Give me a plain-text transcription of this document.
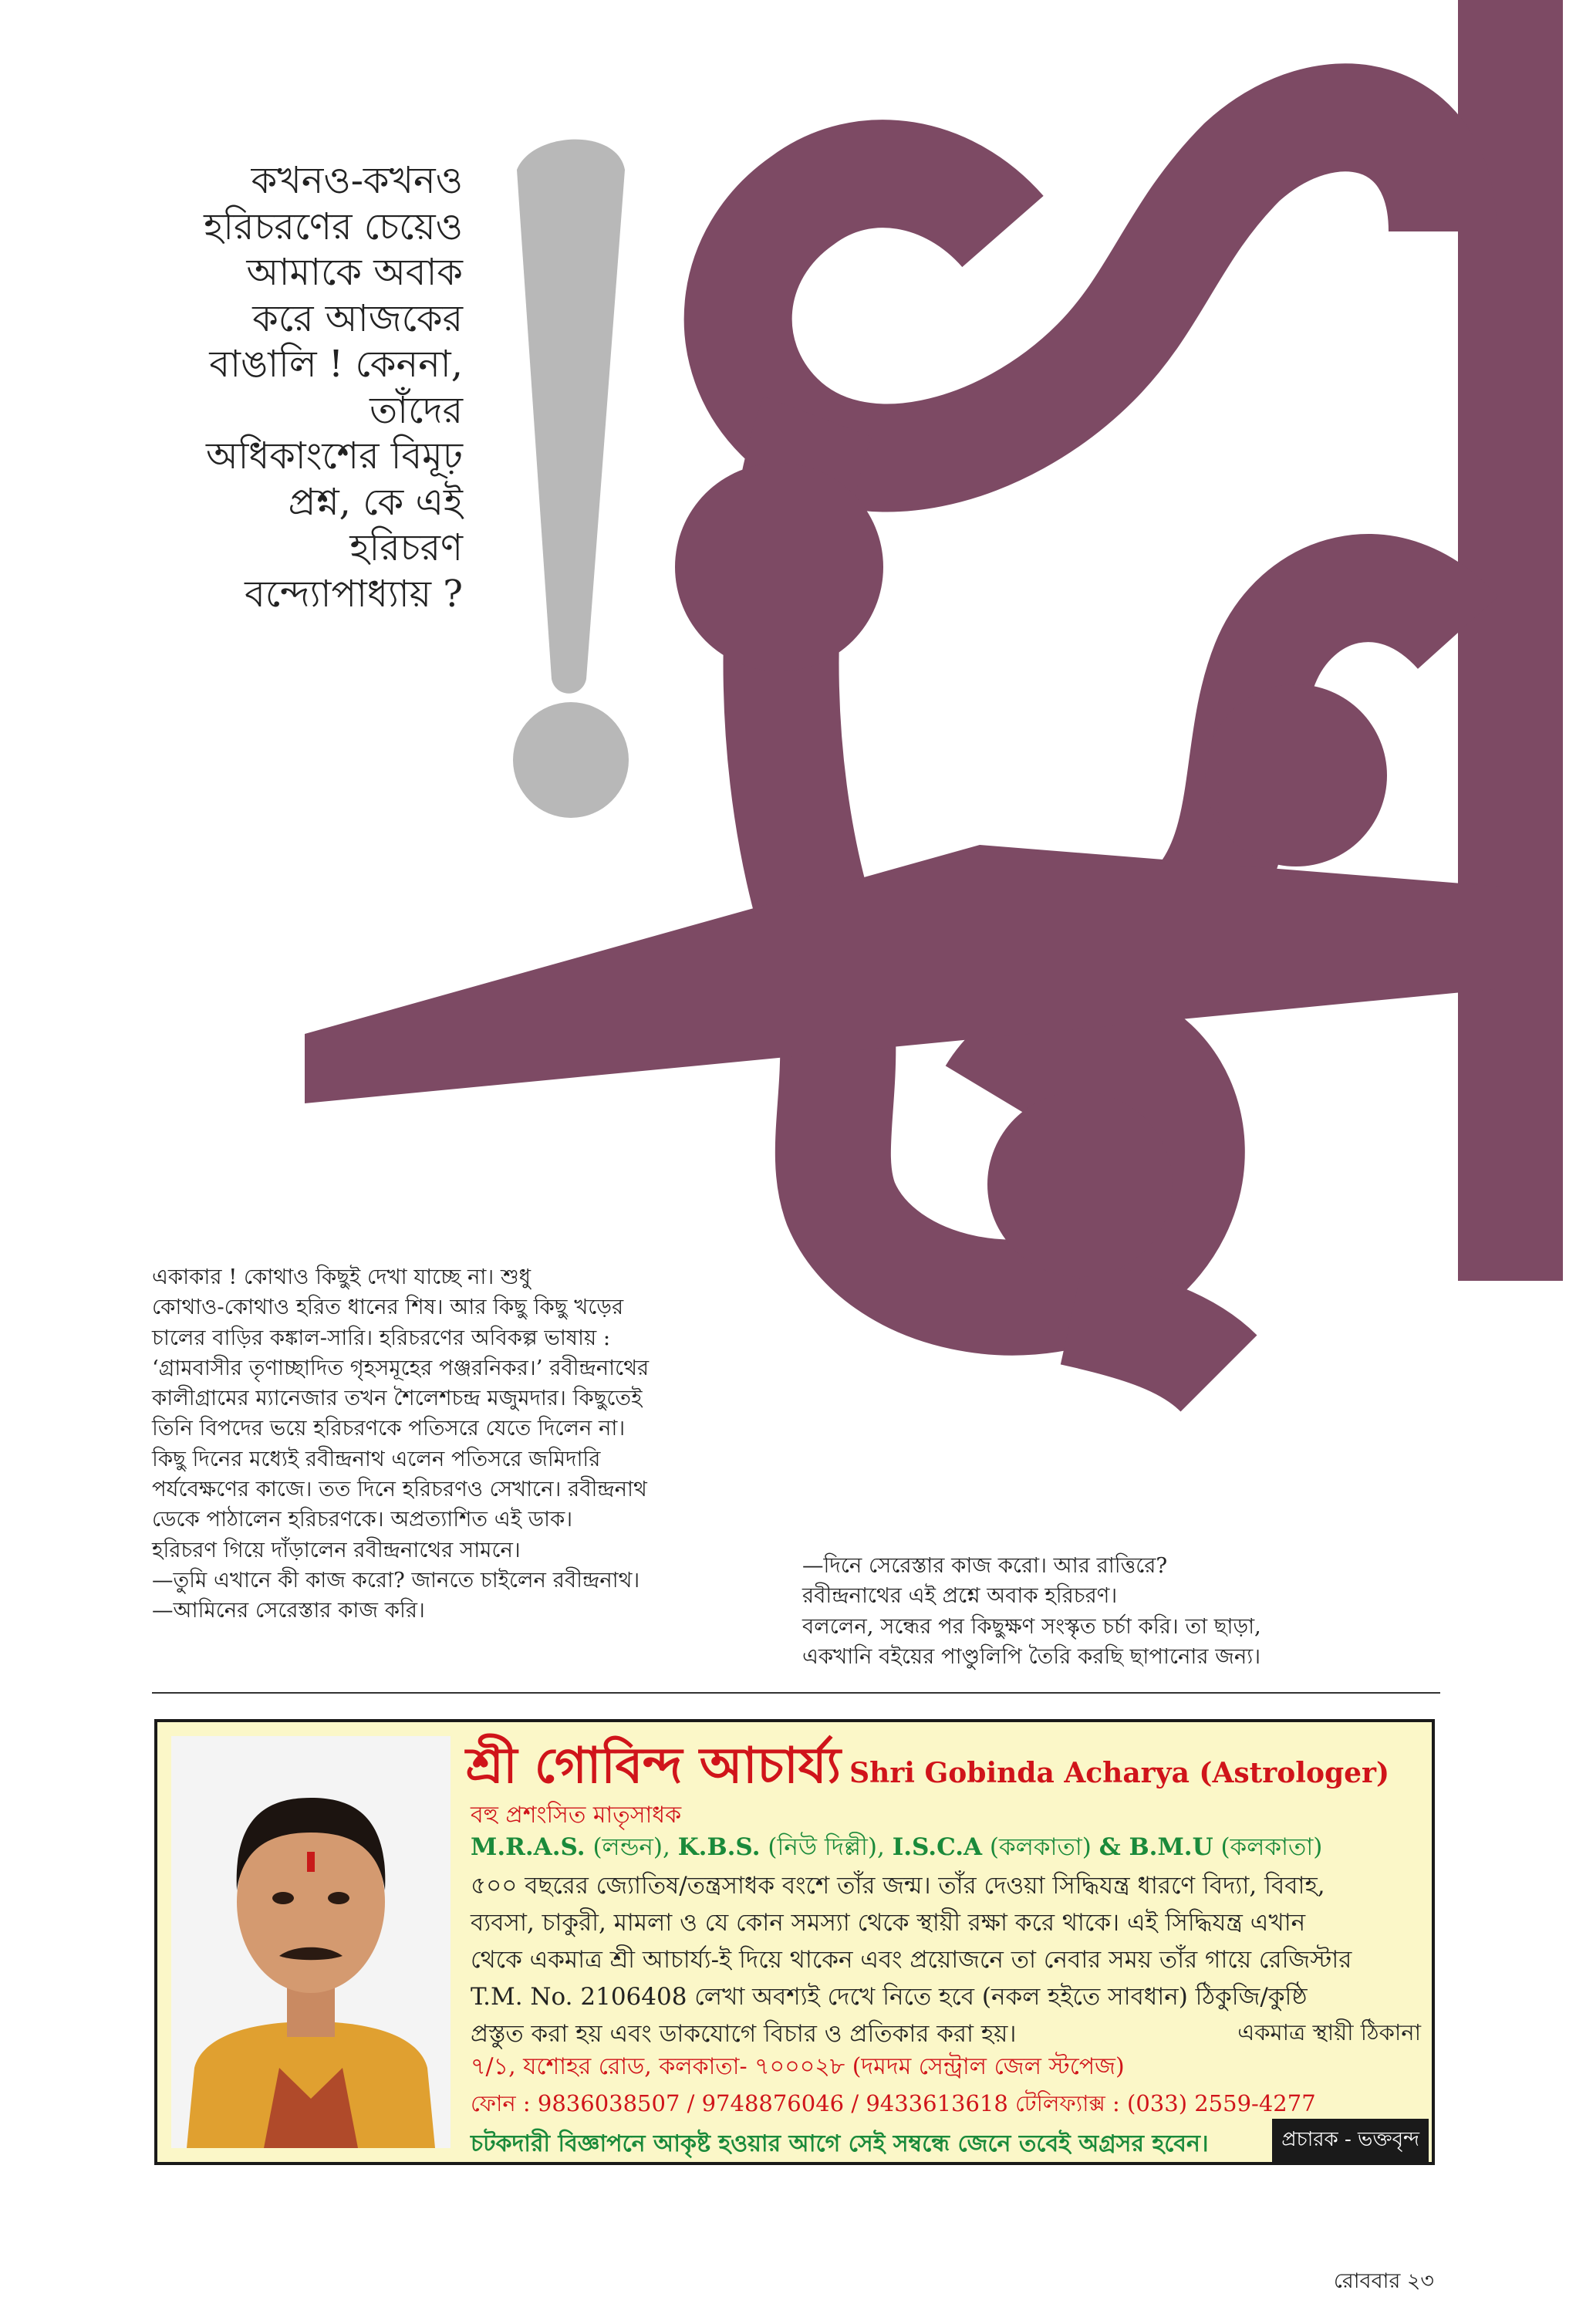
কখনও-কখনও
হরিচরণের চেয়েও
আমাকে অবাক
করে আজকের
বাঙালি ! কেননা,
তাঁদের
অধিকাংশের বিমূঢ়
প্রশ্ন, কে এই
হরিচরণ
বন্দ্যোপাধ্যায় ?
একাকার ! কোথাও কিছুই দেখা যাচ্ছে না। শুধু
কোথাও-কোথাও হরিত ধানের শিষ। আর কিছু কিছু খড়ের
চালের বাড়ির কঙ্কাল-সারি। হরিচরণের অবিকল্প ভাষায় :
‘গ্রামবাসীর তৃণাচ্ছাদিত গৃহসমূহের পঞ্জরনিকর।’ রবীন্দ্রনাথের
কালীগ্রামের ম্যানেজার তখন শৈলেশচন্দ্র মজুমদার। কিছুতেই
তিনি বিপদের ভয়ে হরিচরণকে পতিসরে যেতে দিলেন না।
কিছু দিনের মধ্যেই রবীন্দ্রনাথ এলেন পতিসরে জমিদারি
পর্যবেক্ষণের কাজে। তত দিনে হরিচরণও সেখানে। রবীন্দ্রনাথ
ডেকে পাঠালেন হরিচরণকে। অপ্রত্যাশিত এই ডাক।
হরিচরণ গিয়ে দাঁড়ালেন রবীন্দ্রনাথের সামনে।
—তুমি এখানে কী কাজ করো? জানতে চাইলেন রবীন্দ্রনাথ।
—আমিনের সেরেস্তার কাজ করি।
—দিনে সেরেস্তার কাজ করো। আর রাত্তিরে?
রবীন্দ্রনাথের এই প্রশ্নে অবাক হরিচরণ।
বললেন, সন্ধের পর কিছুক্ষণ সংস্কৃত চর্চা করি। তা ছাড়া,
একখানি বইয়ের পাণ্ডুলিপি তৈরি করছি ছাপানোর জন্য।
শ্রী গোবিন্দ আচার্য্য Shri Gobinda Acharya (Astrologer)
বহু প্রশংসিত মাতৃসাধক
M.R.A.S. (লন্ডন), K.B.S. (নিউ দিল্লী), I.S.C.A (কলকাতা) & B.M.U (কলকাতা)
৫০০ বছরের জ্যোতিষ/তন্ত্রসাধক বংশে তাঁর জন্ম। তাঁর দেওয়া সিদ্ধিযন্ত্র ধারণে বিদ্যা, বিবাহ,
ব্যবসা, চাকুরী, মামলা ও যে কোন সমস্যা থেকে স্থায়ী রক্ষা করে থাকে। এই সিদ্ধিযন্ত্র এখান
থেকে একমাত্র শ্রী আচার্য্য-ই দিয়ে থাকেন এবং প্রয়োজনে তা নেবার সময় তাঁর গায়ে রেজিস্টার
T.M. No. 2106408 লেখা অবশ্যই দেখে নিতে হবে (নকল হইতে সাবধান) ঠিকুজি/কুষ্ঠি
প্রস্তুত করা হয় এবং ডাকযোগে বিচার ও প্রতিকার করা হয়।	একমাত্র স্থায়ী ঠিকানা
৭/১, যশোহর রোড, কলকাতা- ৭০০০২৮ (দমদম সেন্ট্রাল জেল স্টপেজ)
ফোন : 9836038507 / 9748876046 / 9433613618 টেলিফ্যাক্স : (033) 2559-4277
চটকদারী বিজ্ঞাপনে আকৃষ্ট হওয়ার আগে সেই সম্বন্ধে জেনে তবেই অগ্রসর হবেন।	প্রচারক - ভক্তবৃন্দ
রোববার ২৩
